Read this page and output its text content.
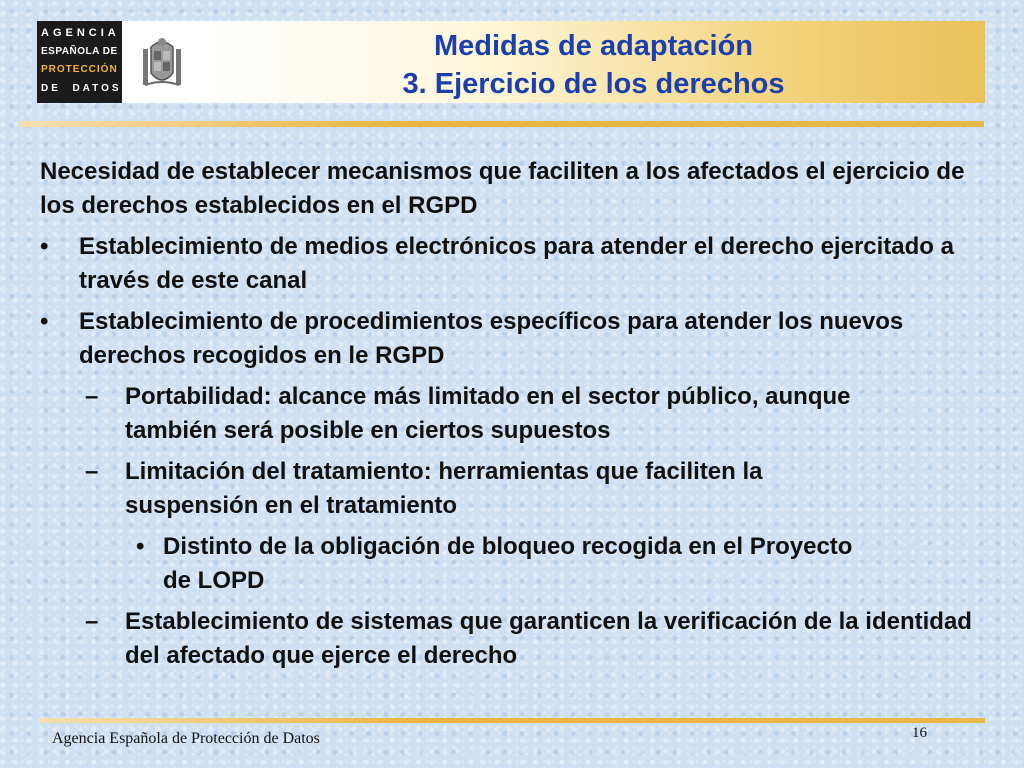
AGENCIA
ESPAÑOLA DE
PROTECCIÓN
DE  DATOS
Medidas de adaptación
3. Ejercicio de los derechos
Necesidad de establecer mecanismos que faciliten a los afectados el ejercicio de los derechos establecidos en el RGPD
• Establecimiento de medios electrónicos para atender el derecho ejercitado a través de este canal
• Establecimiento de procedimientos específicos para atender los nuevos derechos recogidos en le RGPD
– Portabilidad: alcance más limitado en el sector público, aunque también será posible en ciertos supuestos
– Limitación del tratamiento: herramientas que faciliten la suspensión en el tratamiento
• Distinto de la obligación de bloqueo recogida en el Proyecto de LOPD
– Establecimiento de sistemas que garanticen la verificación de la identidad del afectado que ejerce el derecho
Agencia Española de Protección de Datos	16
